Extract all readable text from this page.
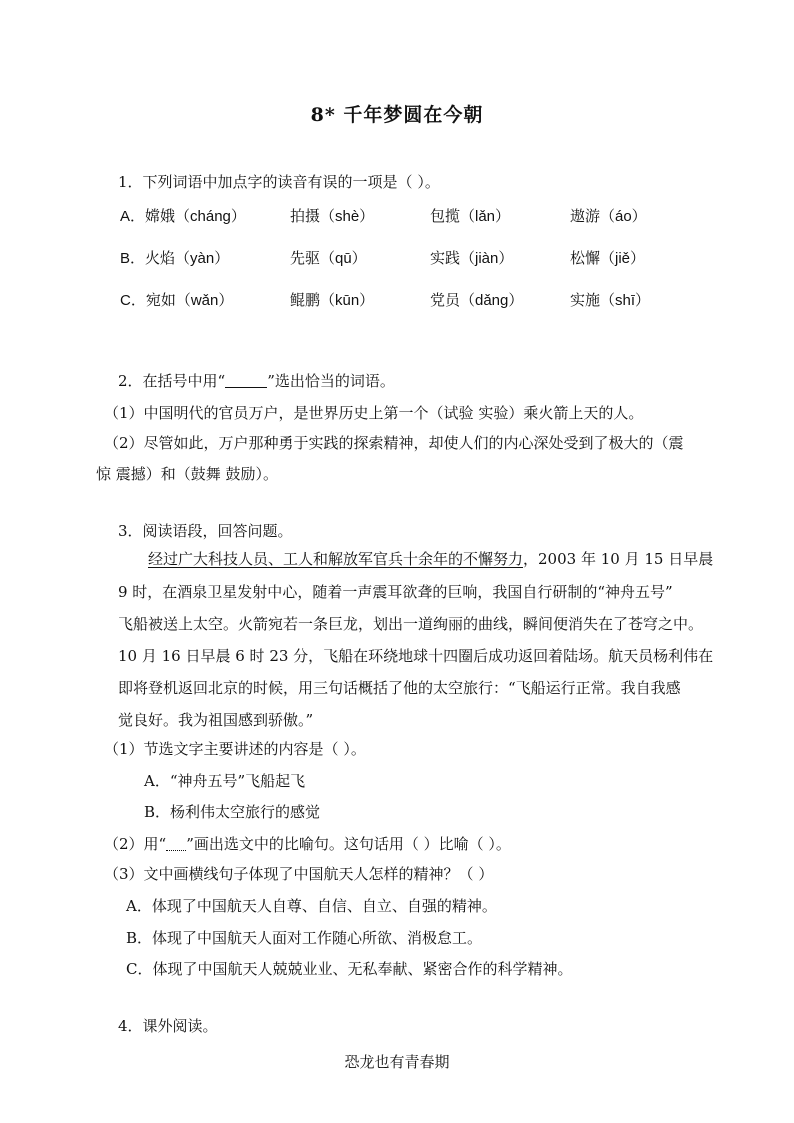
8* 千年梦圆在今朝
1．下列词语中加点字的读音有误的一项是（ ）。
A．嫦娥（cháng）	拍摄（shè）	包揽（lǎn）	遨游（áo）
B．火焰（yàn）	先驱（qū）	实践（jiàn）	松懈（jiě）
C．宛如（wǎn）	鲲鹏（kūn）	党员（dǎng）	实施（shī）
2．在括号中用“	”选出恰当的词语。
（1）中国明代的官员万户，是世界历史上第一个（试验 实验）乘火箭上天的人。
（2）尽管如此，万户那种勇于实践的探索精神，却使人们的内心深处受到了极大的（震
惊 震撼）和（鼓舞 鼓励）。
3．阅读语段，回答问题。
经过广大科技人员、工人和解放军官兵十余年的不懈努力，2003 年 10 月 15 日早晨
9 时，在酒泉卫星发射中心，随着一声震耳欲聋的巨响，我国自行研制的“神舟五号”
飞船被送上太空。火箭宛若一条巨龙，划出一道绚丽的曲线，瞬间便消失在了苍穹之中。
10 月 16 日早晨 6 时 23 分，飞船在环绕地球十四圈后成功返回着陆场。航天员杨利伟在
即将登机返回北京的时候，用三句话概括了他的太空旅行：“飞船运行正常。我自我感
觉良好。我为祖国感到骄傲。”
（1）节选文字主要讲述的内容是（ ）。
A．“神舟五号”飞船起飞
B．杨利伟太空旅行的感觉
（2）用“ ”画出选文中的比喻句。这句话用（ ）比喻（ ）。
（3）文中画横线句子体现了中国航天人怎样的精神？（ ）
A．体现了中国航天人自尊、自信、自立、自强的精神。
B．体现了中国航天人面对工作随心所欲、消极怠工。
C．体现了中国航天人兢兢业业、无私奉献、紧密合作的科学精神。
4．课外阅读。
恐龙也有青春期
